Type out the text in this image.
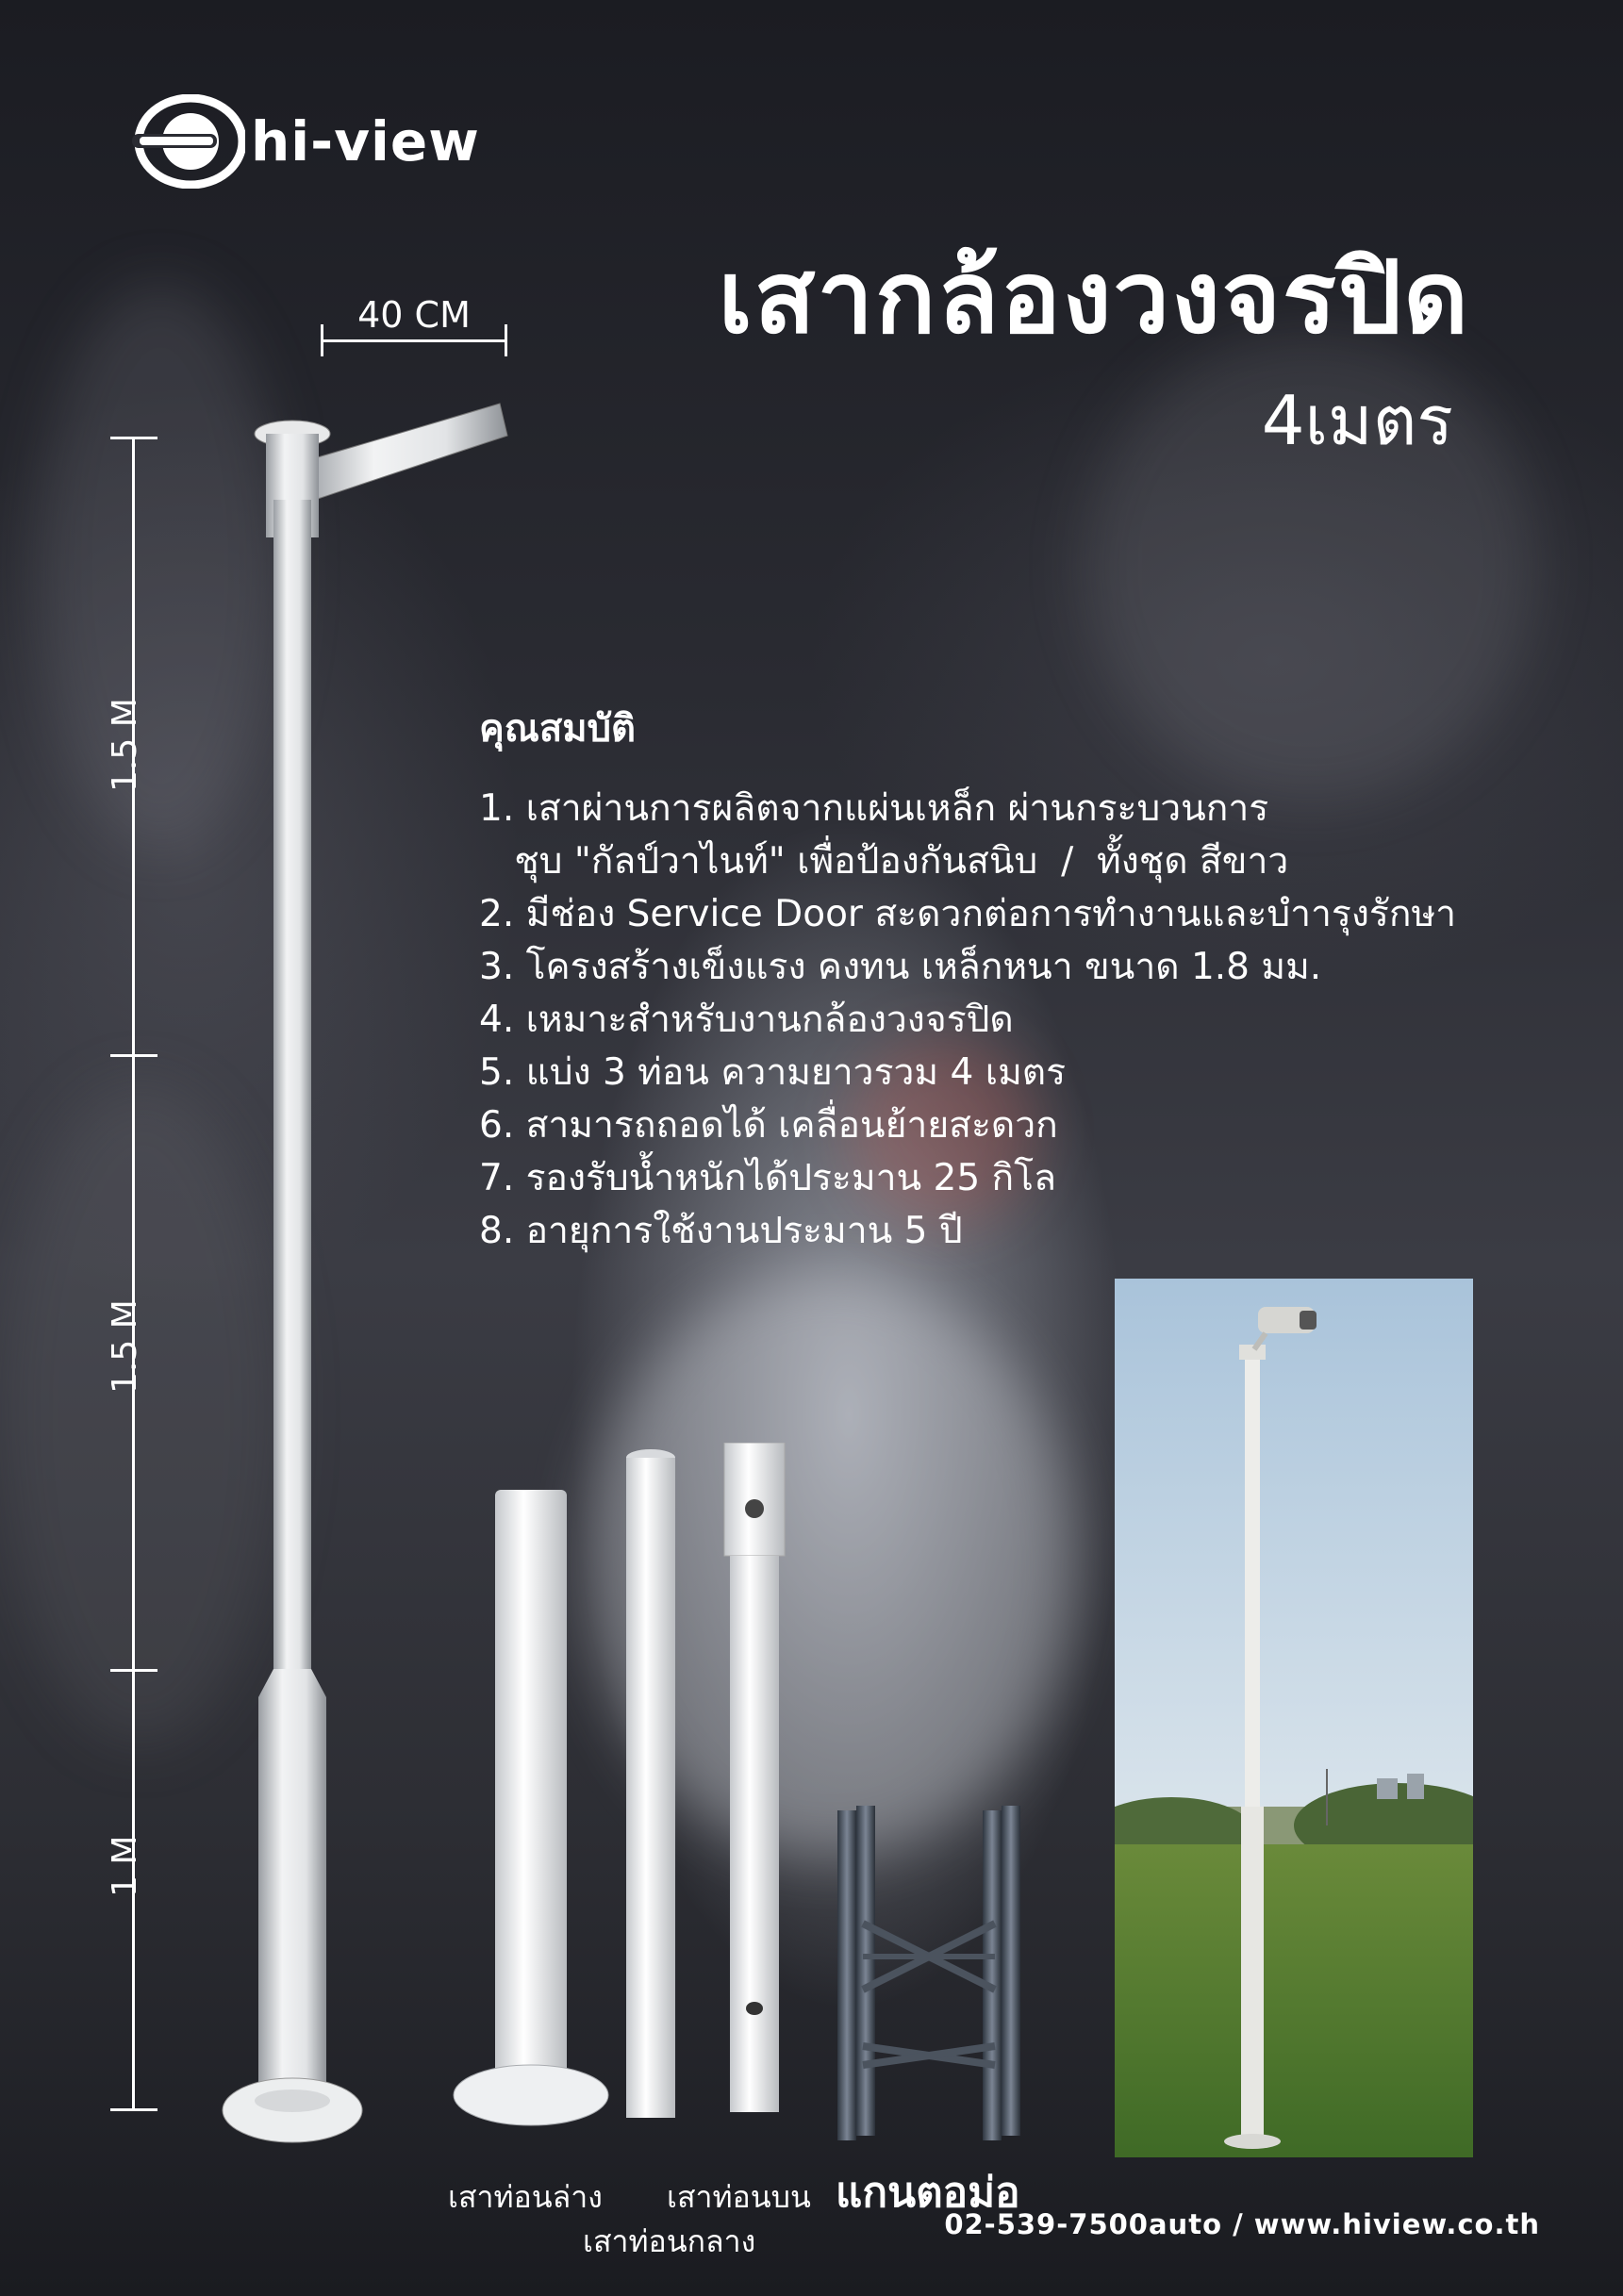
hi-view
เสากล้องวงจรปิด
4เมตร
40 CM
1.5 M
1.5 M
1 M
คุณสมบัติ
1. เสาผ่านการผลิตจากแผ่นเหล็ก ผ่านกระบวนการ
ชุบ "กัลป์วาไนท์" เพื่อป้องกันสนิบ  /  ทั้งชุด สีขาว
2. มีช่อง Service Door สะดวกต่อการทำงานและบำารุงรักษา
3. โครงสร้างเข็งแรง คงทน เหล็กหนา ขนาด 1.8 มม.
4. เหมาะสำหรับงานกล้องวงจรปิด
5. แบ่ง 3 ท่อน ความยาวรวม 4 เมตร
6. สามารถถอดได้ เคลื่อนย้ายสะดวก
7. รองรับน้ำหนักได้ประมาน 25 กิโล
8. อายุการใช้งานประมาน 5 ปี
เสาท่อนล่าง
เสาท่อนกลาง
เสาท่อนบน แกนตอม่อ
02-539-7500auto / www.hiview.co.th
